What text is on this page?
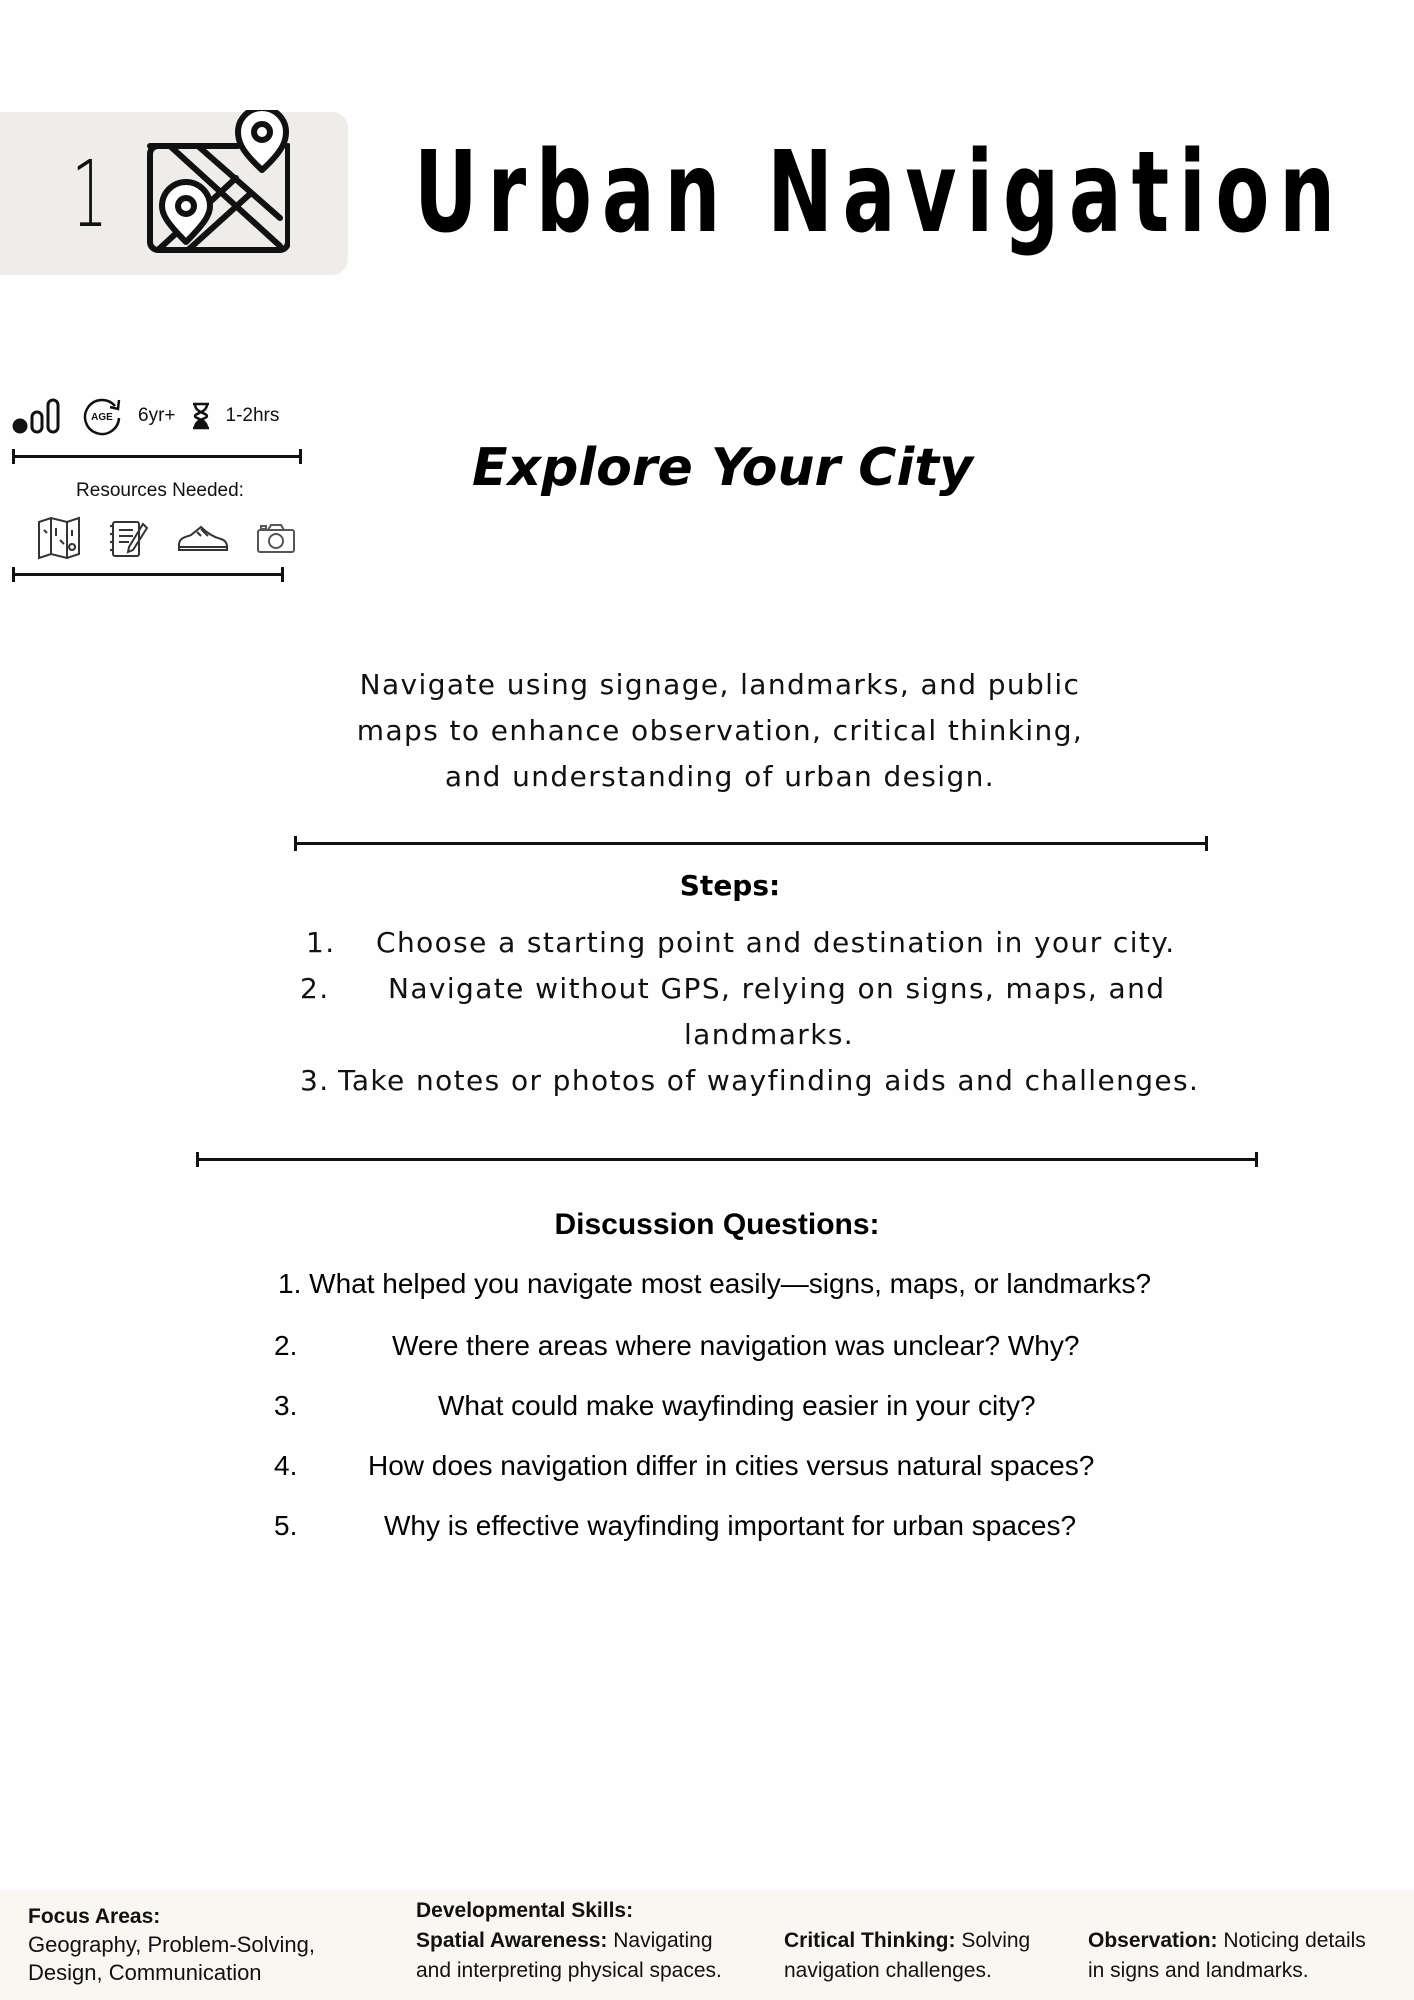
1	Urban Navigation
AGE 6yr+	1-2hrs
Resources Needed:	Explore Your City
Navigate using signage, landmarks, and public
maps to enhance observation, critical thinking,
and understanding of urban design.
Steps:
1. Choose a starting point and destination in your city.
2. Navigate without GPS, relying on signs, maps, and
landmarks.
3. Take notes or photos of wayfinding aids and challenges.
Discussion Questions:
1. What helped you navigate most easily—signs, maps, or landmarks?
2.	Were there areas where navigation was unclear? Why?
3.	What could make wayfinding easier in your city?
4.	How does navigation differ in cities versus natural spaces?
5.	Why is effective wayfinding important for urban spaces?
Focus Areas:
Geography, Problem-Solving,
Design, Communication
Developmental Skills:
Spatial Awareness: Navigating
and interpreting physical spaces.
Critical Thinking: Solving
navigation challenges.
Observation: Noticing details
in signs and landmarks.
